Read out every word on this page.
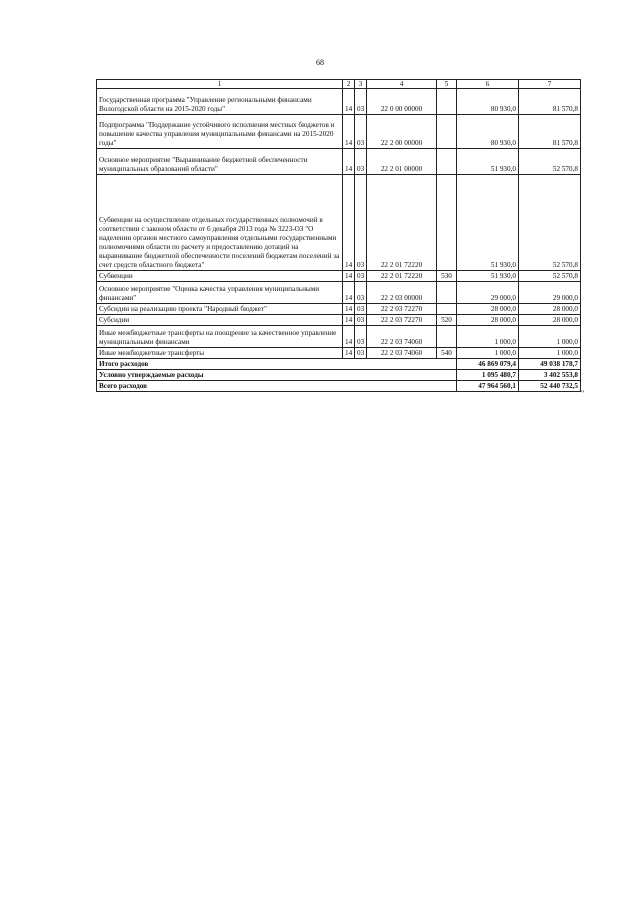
68
1	2	3	4	5	6	7
Государственная программа "Управление региональными финансами Вологодской области на 2015-2020 годы"	14	03	22 0 00 00000		80 930,0	81 570,8
Подпрограмма "Поддержание устойчивого исполнения местных бюджетов и повышение качества управления муниципальными финансами на 2015-2020 годы"	14	03	22 2 00 00000		80 930,0	81 570,8
Основное мероприятие "Выравнивание бюджетной обеспеченности муниципальных образований области"	14	03	22 2 01 00000		51 930,0	52 570,8
Субвенции на осуществление отдельных государственных полномочий в соответствии с законом области от 6 декабря 2013 года № 3223-ОЗ "О наделении органов местного самоуправления отдельными государственными полномочиями области по расчету и предоставлению дотаций на выравнивание бюджетной обеспеченности поселений бюджетам поселений за счет средств областного бюджета"	14	03	22 2 01 72220		51 930,0	52 570,8
Субвенции	14	03	22 2 01 72220	530	51 930,0	52 570,8
Основное мероприятие "Оценка качества управления муниципальными финансами"	14	03	22 2 03 00000		29 000,0	29 000,0
Субсидии на реализацию проекта "Народный бюджет"	14	03	22 2 03 72270		28 000,0	28 000,0
Субсидии	14	03	22 2 03 72270	520	28 000,0	28 000,0
Иные межбюджетные трансферты на поощрение за качественное управление муниципальными финансами	14	03	22 2 03 74060		1 000,0	1 000,0
Иные межбюджетные трансферты	14	03	22 2 03 74060	540	1 000,0	1 000,0
Итого расходов					46 869 079,4	49 038 178,7
Условно утверждаемые расходы					1 095 480,7	3 402 553,8
Всего расходов					47 964 560,1	52 440 732,5
"
